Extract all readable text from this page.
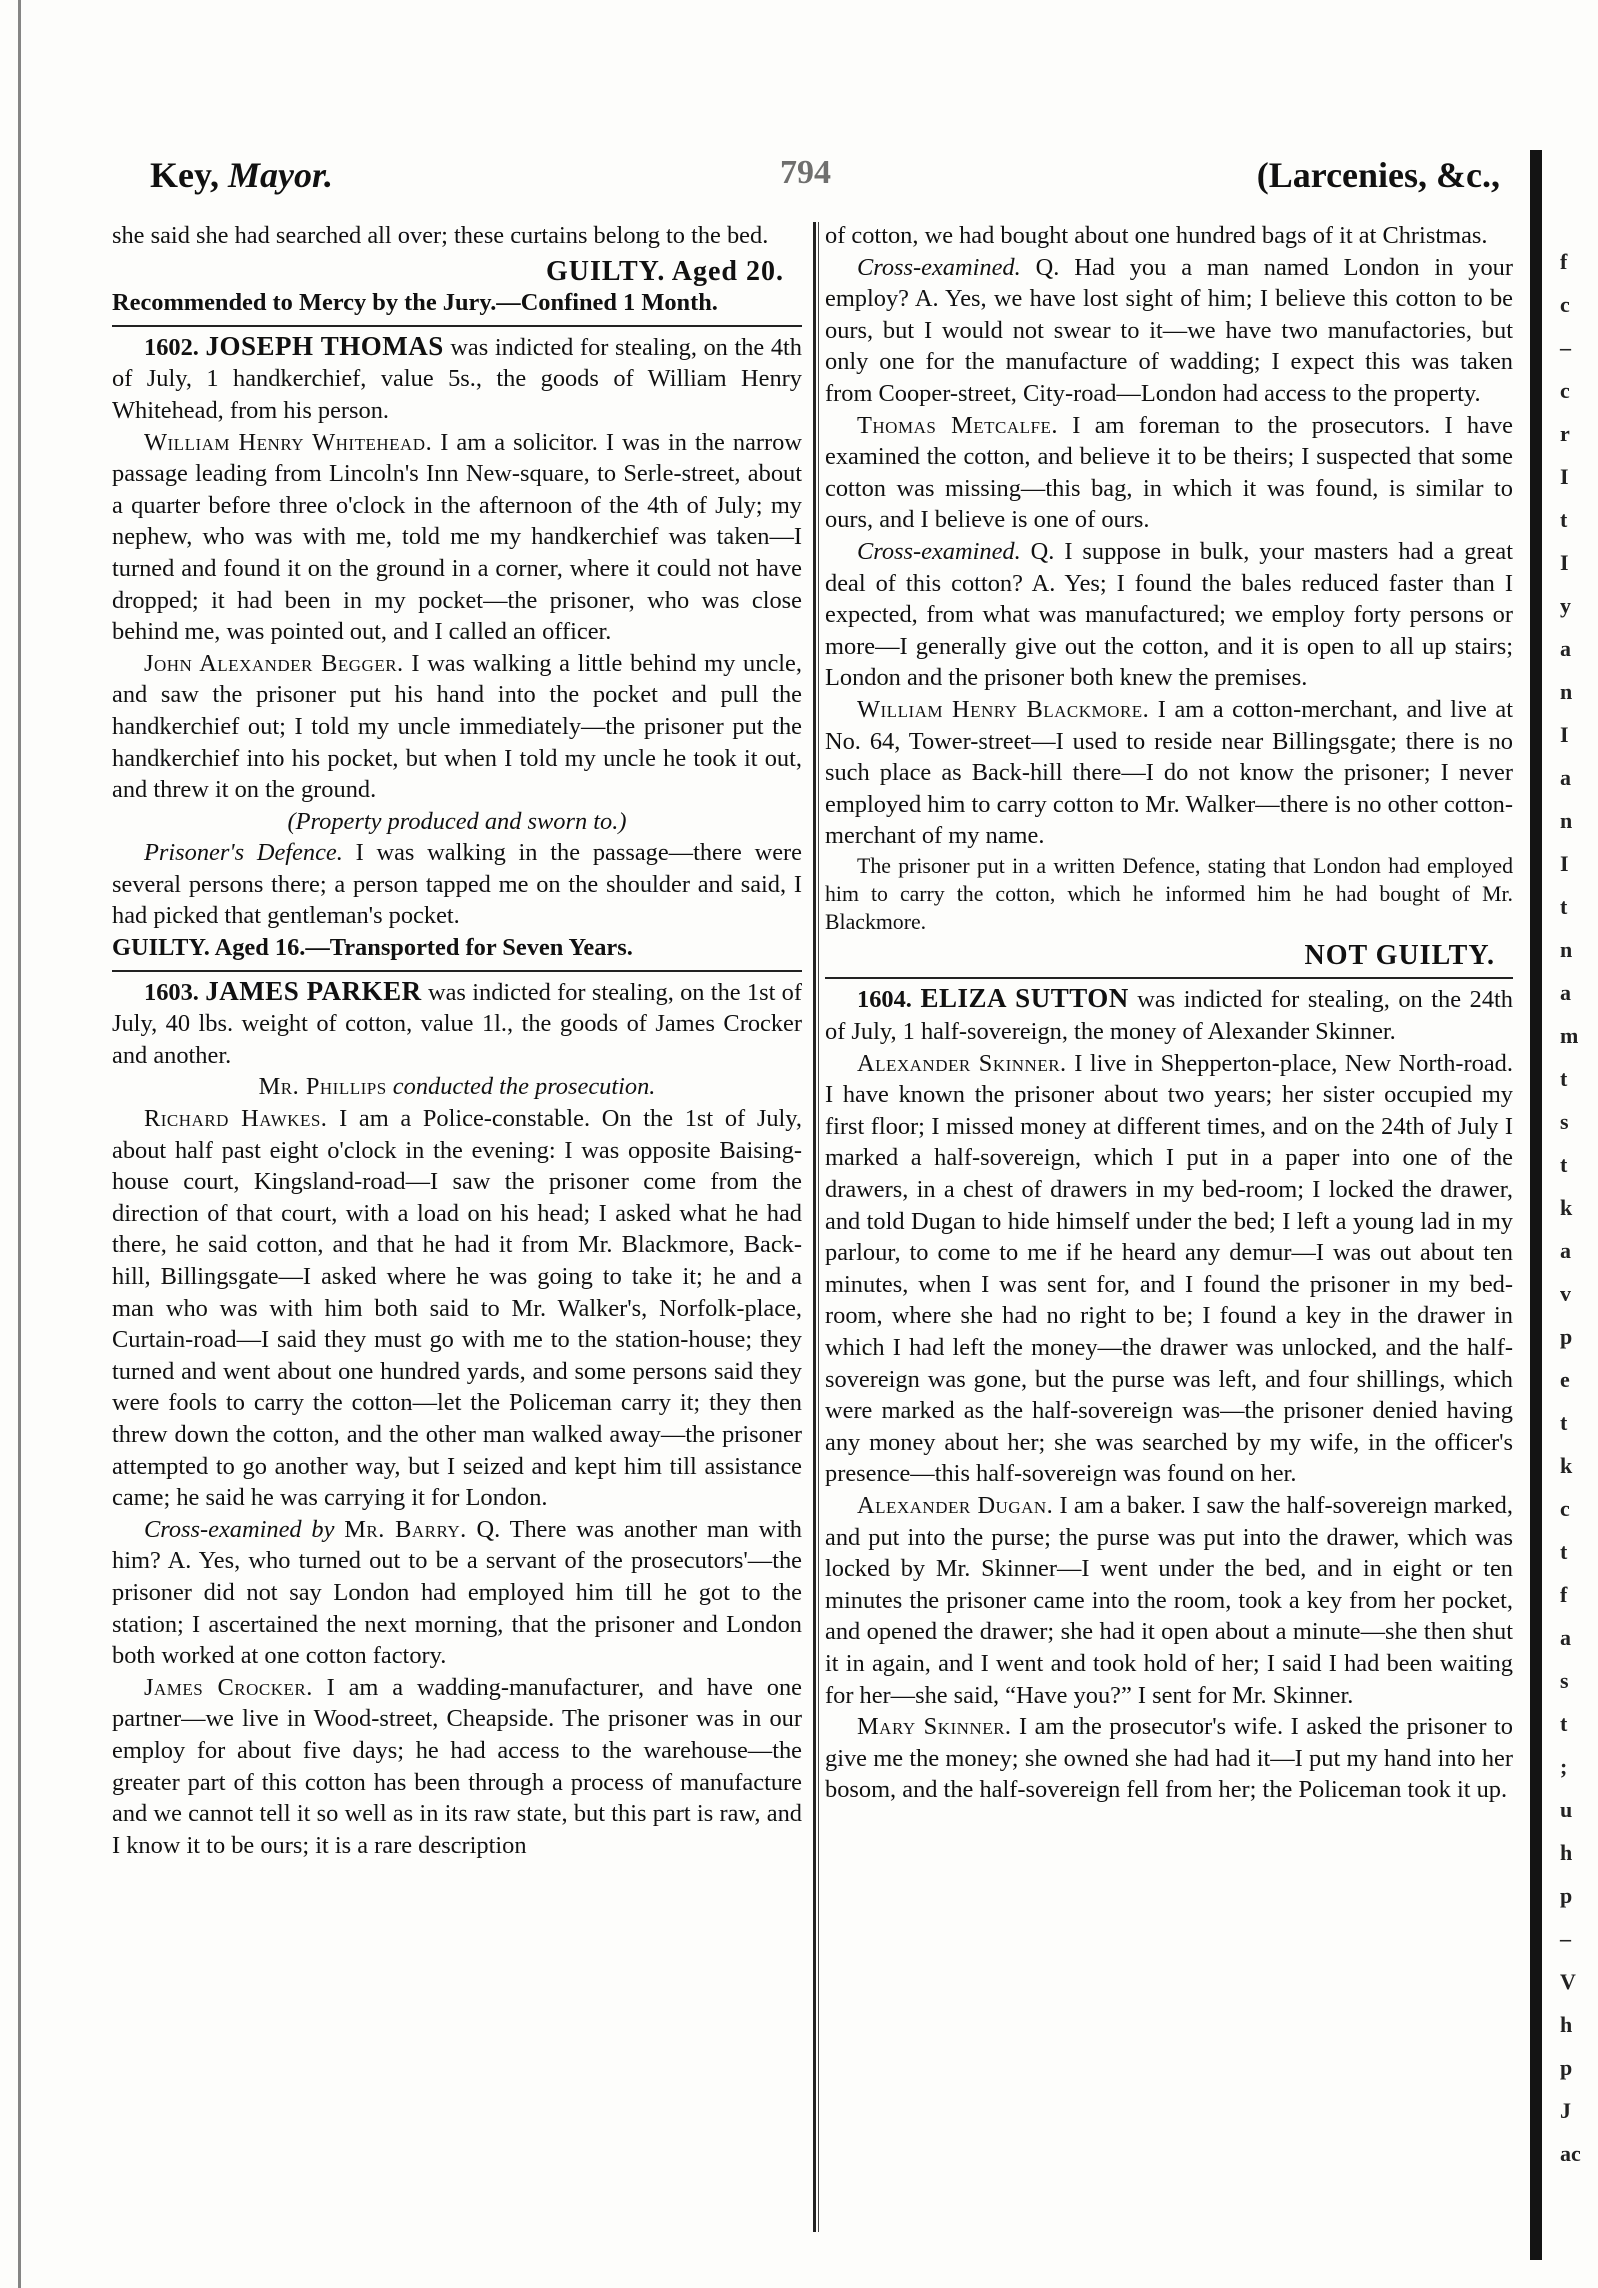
Key, Mayor.	794	(Larcenies, &c.,

she said she had searched all over; these curtains belong to the bed.

GUILTY. Aged 20.

Recommended to Mercy by the Jury.—Confined 1 Month.

1602. JOSEPH THOMAS was indicted for stealing, on the 4th of July, 1 handkerchief, value 5s., the goods of William Henry Whitehead, from his person.

William Henry Whitehead. I am a solicitor. I was in the narrow passage leading from Lincoln's Inn New-square, to Serle-street, about a quarter before three o'clock in the afternoon of the 4th of July; my nephew, who was with me, told me my handkerchief was taken—I turned and found it on the ground in a corner, where it could not have dropped; it had been in my pocket—the prisoner, who was close behind me, was pointed out, and I called an officer.

John Alexander Begger. I was walking a little behind my uncle, and saw the prisoner put his hand into the pocket and pull the handkerchief out; I told my uncle immediately—the prisoner put the handkerchief into his pocket, but when I told my uncle he took it out, and threw it on the ground.

(Property produced and sworn to.)

Prisoner's Defence. I was walking in the passage—there were several persons there; a person tapped me on the shoulder and said, I had picked that gentleman's pocket.

GUILTY. Aged 16.—Transported for Seven Years.

1603. JAMES PARKER was indicted for stealing, on the 1st of July, 40 lbs. weight of cotton, value 1l., the goods of James Crocker and another.

Mr. Phillips conducted the prosecution.

Richard Hawkes. I am a Police-constable. On the 1st of July, about half past eight o'clock in the evening: I was opposite Baising-house court, Kingsland-road—I saw the prisoner come from the direction of that court, with a load on his head; I asked what he had there, he said cotton, and that he had it from Mr. Blackmore, Back-hill, Billingsgate—I asked where he was going to take it; he and a man who was with him both said to Mr. Walker's, Norfolk-place, Curtain-road—I said they must go with me to the station-house; they turned and went about one hundred yards, and some persons said they were fools to carry the cotton—let the Policeman carry it; they then threw down the cotton, and the other man walked away—the prisoner attempted to go another way, but I seized and kept him till assistance came; he said he was carrying it for London.

Cross-examined by Mr. Barry. Q. There was another man with him? A. Yes, who turned out to be a servant of the prosecutors'—the prisoner did not say London had employed him till he got to the station; I ascertained the next morning, that the prisoner and London both worked at one cotton factory.

James Crocker. I am a wadding-manufacturer, and have one partner—we live in Wood-street, Cheapside. The prisoner was in our employ for about five days; he had access to the warehouse—the greater part of this cotton has been through a process of manufacture and we cannot tell it so well as in its raw state, but this part is raw, and I know it to be ours; it is a rare description

of cotton, we had bought about one hundred bags of it at Christmas.

Cross-examined. Q. Had you a man named London in your employ? A. Yes, we have lost sight of him; I believe this cotton to be ours, but I would not swear to it—we have two manufactories, but only one for the manufacture of wadding; I expect this was taken from Cooper-street, City-road—London had access to the property.

Thomas Metcalfe. I am foreman to the prosecutors. I have examined the cotton, and believe it to be theirs; I suspected that some cotton was missing—this bag, in which it was found, is similar to ours, and I believe is one of ours.

Cross-examined. Q. I suppose in bulk, your masters had a great deal of this cotton? A. Yes; I found the bales reduced faster than I expected, from what was manufactured; we employ forty persons or more—I generally give out the cotton, and it is open to all up stairs; London and the prisoner both knew the premises.

William Henry Blackmore. I am a cotton-merchant, and live at No. 64, Tower-street—I used to reside near Billingsgate; there is no such place as Back-hill there—I do not know the prisoner; I never employed him to carry cotton to Mr. Walker—there is no other cotton-merchant of my name.

The prisoner put in a written Defence, stating that London had employed him to carry the cotton, which he informed him he had bought of Mr. Blackmore.

NOT GUILTY.

1604. ELIZA SUTTON was indicted for stealing, on the 24th of July, 1 half-sovereign, the money of Alexander Skinner.

Alexander Skinner. I live in Shepperton-place, New North-road. I have known the prisoner about two years; her sister occupied my first floor; I missed money at different times, and on the 24th of July I marked a half-sovereign, which I put in a paper into one of the drawers, in a chest of drawers in my bed-room; I locked the drawer, and told Dugan to hide himself under the bed; I left a young lad in my parlour, to come to me if he heard any demur—I was out about ten minutes, when I was sent for, and I found the prisoner in my bed-room, where she had no right to be; I found a key in the drawer in which I had left the money—the drawer was unlocked, and the half-sovereign was gone, but the purse was left, and four shillings, which were marked as the half-sovereign was—the prisoner denied having any money about her; she was searched by my wife, in the officer's presence—this half-sovereign was found on her.

Alexander Dugan. I am a baker. I saw the half-sovereign marked, and put into the purse; the purse was put into the drawer, which was locked by Mr. Skinner—I went under the bed, and in eight or ten minutes the prisoner came into the room, took a key from her pocket, and opened the drawer; she had it open about a minute—she then shut it in again, and I went and took hold of her; I said I had been waiting for her—she said, “Have you?” I sent for Mr. Skinner.

Mary Skinner. I am the prosecutor's wife. I asked the prisoner to give me the money; she owned she had had it—I put my hand into her bosom, and the half-sovereign fell from her; the Policeman took it up.

f
c
–
c
r
I
t
I
y
a
n
I
a
n
I
t
n
a
m
t
s
t
k
a
v
p
e
t
k
c
t
f
a
s
t
;
u
h
p
–
V
h
p
J
ac
